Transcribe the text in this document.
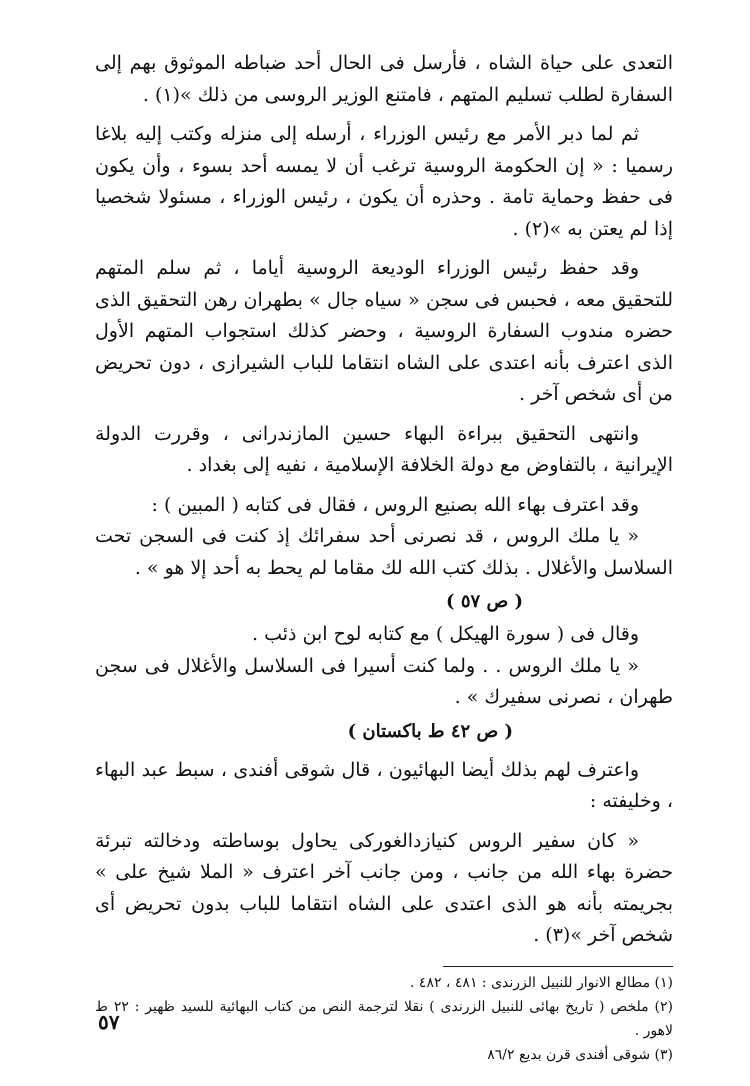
التعدى على حياة الشاه ، فأرسل فى الحال أحد ضباطه الموثوق بهم إلى السفارة لطلب تسليم المتهم ، فامتنع الوزير الروسى من ذلك »(١) .

ثم لما دبر الأمر مع رئيس الوزراء ، أرسله إلى منزله وكتب إليه بلاغا رسميا : « إن الحكومة الروسية ترغب أن لا يمسه أحد بسوء ، وأن يكون فى حفظ وحماية تامة . وحذره أن يكون ، رئيس الوزراء ، مسئولا شخصيا إذا لم يعتن به »(٢) .

وقد حفظ رئيس الوزراء الوديعة الروسية أياما ، ثم سلم المتهم للتحقيق معه ، فحبس فى سجن « سياه جال » بطهران رهن التحقيق الذى حضره مندوب السفارة الروسية ، وحضر كذلك استجواب المتهم الأول الذى اعترف بأنه اعتدى على الشاه انتقاما للباب الشيرازى ، دون تحريض من أى شخص آخر .

وانتهى التحقيق ببراءة البهاء حسين المازندرانى ، وقررت الدولة الإيرانية ، بالتفاوض مع دولة الخلافة الإسلامية ، نفيه إلى بغداد .

وقد اعترف بهاء الله بصنيع الروس ، فقال فى كتابه ( المبين ) :

« يا ملك الروس ، قد نصرنى أحد سفرائك إذ كنت فى السجن تحت السلاسل والأغلال . بذلك كتب الله لك مقاما لم يحط به أحد إلا هو » .

( ص ٥٧ )

وقال فى ( سورة الهيكل ) مع كتابه لوح ابن ذئب .

« يا ملك الروس . . ولما كنت أسيرا فى السلاسل والأغلال فى سجن طهران ، نصرنى سفيرك » .

( ص ٤٢ ط باكستان )

واعترف لهم بذلك أيضا البهائيون ، قال شوقى أفندى ، سبط عبد البهاء ، وخليفته :

« كان سفير الروس كنيازدالغوركى يحاول بوساطته ودخالته تبرئة حضرة بهاء الله من جانب ، ومن جانب آخر اعترف « الملا شيخ على » بجريمته بأنه هو الذى اعتدى على الشاه انتقاما للباب بدون تحريض أى شخص آخر »(٣) .

(١) مطالع الانوار للنبيل الزرندى : ٤٨١ ، ٤٨٢ .

(٢) ملخص ( تاريخ بهائى للنبيل الزرندى ) نقلا لترجمة النص من كتاب البهائية للسيد ظهير : ٢٢ ط لاهور .

(٣) شوقى أفندى قرن بديع ٨٦/٢

٥٧
